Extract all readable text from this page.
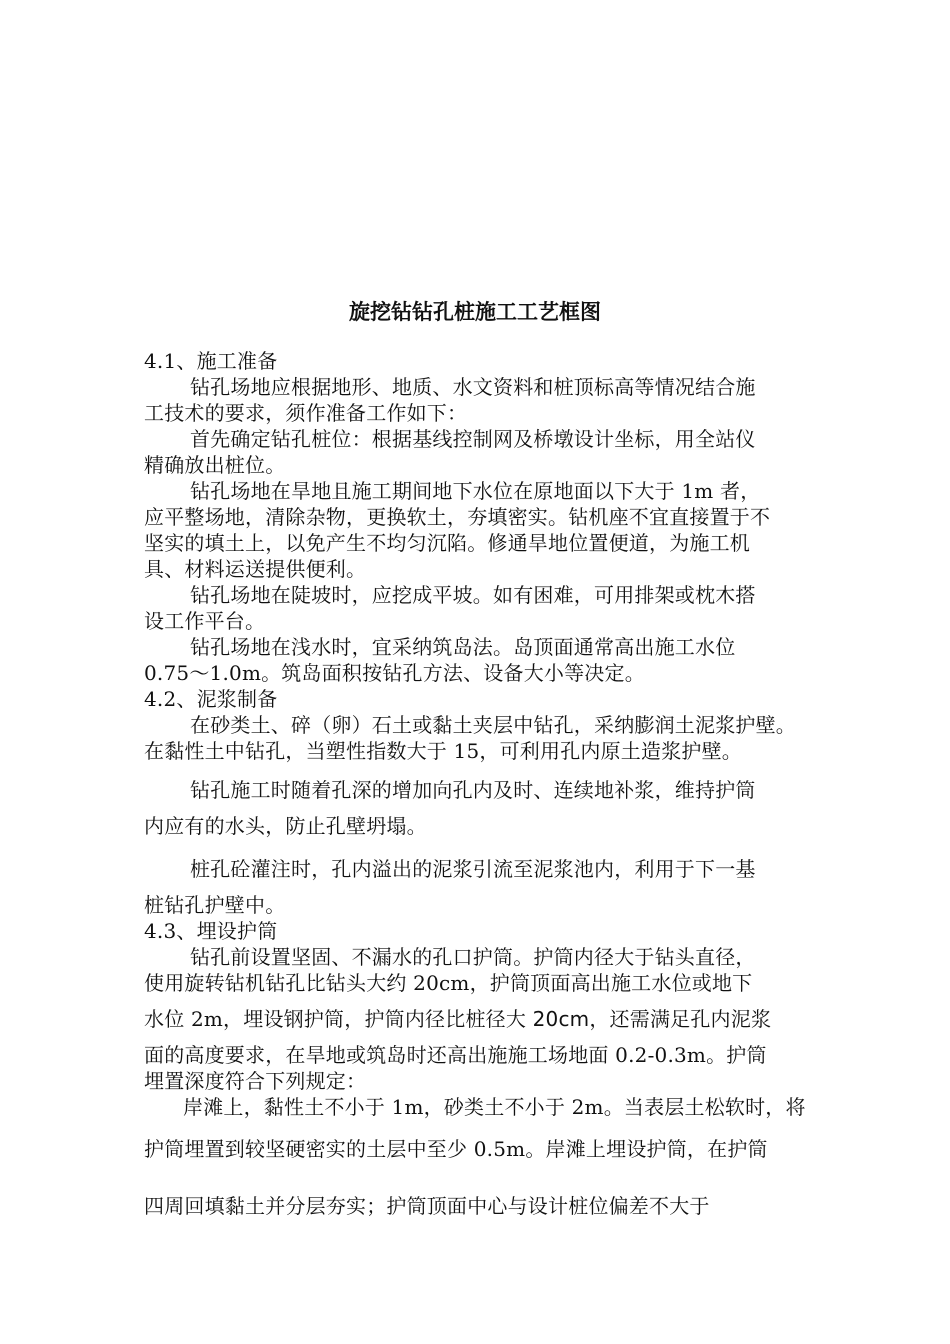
旋挖钻钻孔桩施工工艺框图
4.1、施工准备
钻孔场地应根据地形、地质、水文资料和桩顶标高等情况结合施
工技术的要求，须作准备工作如下：
首先确定钻孔桩位：根据基线控制网及桥墩设计坐标，用全站仪
精确放出桩位。
钻孔场地在旱地且施工期间地下水位在原地面以下大于 1m 者，
应平整场地，清除杂物，更换软土，夯填密实。钻机座不宜直接置于不
坚实的填土上，以免产生不均匀沉陷。修通旱地位置便道，为施工机
具、材料运送提供便利。
钻孔场地在陡坡时，应挖成平坡。如有困难，可用排架或枕木搭
设工作平台。
钻孔场地在浅水时，宜采纳筑岛法。岛顶面通常高出施工水位
0.75～1.0m。筑岛面积按钻孔方法、设备大小等决定。
4.2、泥浆制备
在砂类土、碎（卵）石土或黏土夹层中钻孔，采纳膨润土泥浆护壁。
在黏性土中钻孔，当塑性指数大于 15，可利用孔内原土造浆护壁。
钻孔施工时随着孔深的增加向孔内及时、连续地补浆，维持护筒
内应有的水头，防止孔壁坍塌。
桩孔砼灌注时，孔内溢出的泥浆引流至泥浆池内，利用于下一基
桩钻孔护壁中。
4.3、埋设护筒
钻孔前设置坚固、不漏水的孔口护筒。护筒内径大于钻头直径，
使用旋转钻机钻孔比钻头大约 20cm，护筒顶面高出施工水位或地下
水位 2m，埋设钢护筒，护筒内径比桩径大 20cm，还需满足孔内泥浆
面的高度要求，在旱地或筑岛时还高出施施工场地面 0.2-0.3m。护筒
埋置深度符合下列规定：
岸滩上，黏性土不小于 1m，砂类土不小于 2m。当表层土松软时，将
护筒埋置到较坚硬密实的土层中至少 0.5m。岸滩上埋设护筒，在护筒
四周回填黏土并分层夯实；护筒顶面中心与设计桩位偏差不大于
